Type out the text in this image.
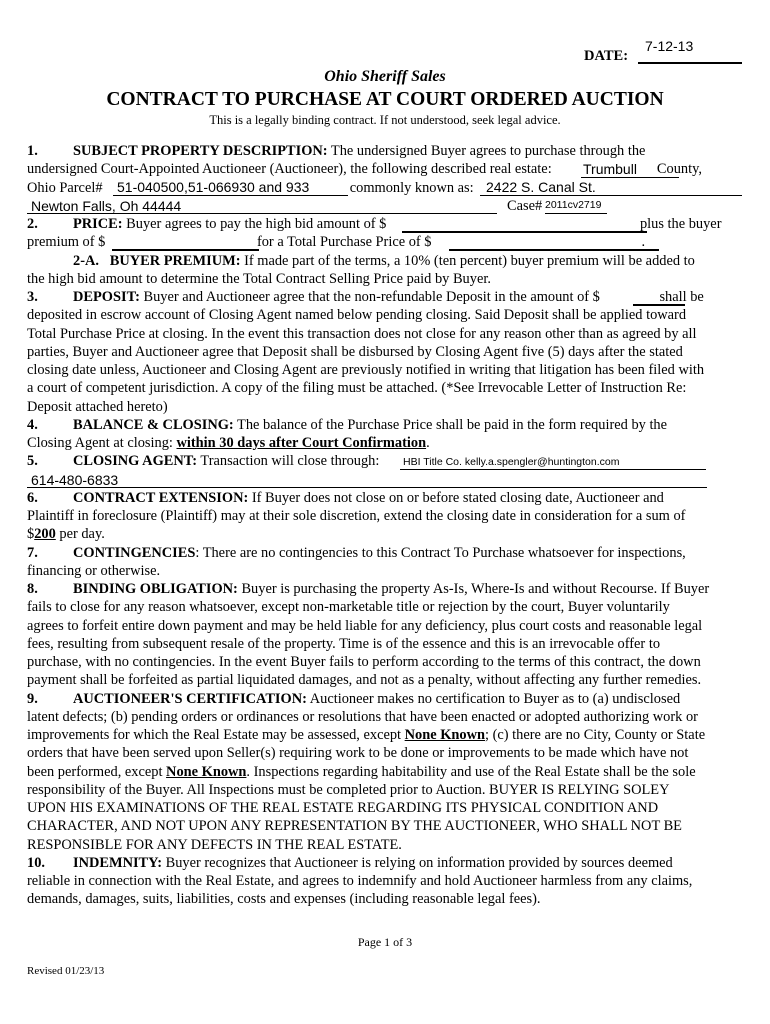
DATE:
7-12-13
Ohio Sheriff Sales
CONTRACT TO PURCHASE AT COURT ORDERED AUCTION
This is a legally binding contract. If not understood, seek legal advice.
Trumbull
51-040500,51-066930 and 933	2422 S. Canal St.
Newton Falls, Oh 44444	2011cv2719
HBI Title Co. kelly.a.spengler@huntington.com
614-480-6833
1. SUBJECT PROPERTY DESCRIPTION: The undersigned Buyer agrees to purchase through the
undersigned Court-Appointed Auctioneer (Auctioneer), the following described real estate:	County,
Ohio Parcel#	commonly known as:
Case#
2. PRICE: Buyer agrees to pay the high bid amount of $	plus the buyer
premium of $	for a Total Purchase Price of $	.
2-A. BUYER PREMIUM: If made part of the terms, a 10% (ten percent) buyer premium will be added to
the high bid amount to determine the Total Contract Selling Price paid by Buyer.
3. DEPOSIT: Buyer and Auctioneer agree that the non-refundable Deposit in the amount of $	shall be
deposited in escrow account of Closing Agent named below pending closing. Said Deposit shall be applied toward
Total Purchase Price at closing. In the event this transaction does not close for any reason other than as agreed by all
parties, Buyer and Auctioneer agree that Deposit shall be disbursed by Closing Agent five (5) days after the stated
closing date unless, Auctioneer and Closing Agent are previously notified in writing that litigation has been filed with
a court of competent jurisdiction. A copy of the filing must be attached. (*See Irrevocable Letter of Instruction Re:
Deposit attached hereto)
4. BALANCE & CLOSING: The balance of the Purchase Price shall be paid in the form required by the
Closing Agent at closing: within 30 days after Court Confirmation.
5. CLOSING AGENT: Transaction will close through:

6. CONTRACT EXTENSION: If Buyer does not close on or before stated closing date, Auctioneer and
Plaintiff in foreclosure (Plaintiff) may at their sole discretion, extend the closing date in consideration for a sum of
$200 per day.
7. CONTINGENCIES: There are no contingencies to this Contract To Purchase whatsoever for inspections,
financing or otherwise.
8. BINDING OBLIGATION: Buyer is purchasing the property As-Is, Where-Is and without Recourse. If Buyer
fails to close for any reason whatsoever, except non-marketable title or rejection by the court, Buyer voluntarily
agrees to forfeit entire down payment and may be held liable for any deficiency, plus court costs and reasonable legal
fees, resulting from subsequent resale of the property. Time is of the essence and this is an irrevocable offer to
purchase, with no contingencies. In the event Buyer fails to perform according to the terms of this contract, the down
payment shall be forfeited as partial liquidated damages, and not as a penalty, without affecting any further remedies.
9. AUCTIONEER'S CERTIFICATION: Auctioneer makes no certification to Buyer as to (a) undisclosed
latent defects; (b) pending orders or ordinances or resolutions that have been enacted or adopted authorizing work or
improvements for which the Real Estate may be assessed, except None Known; (c) there are no City, County or State
orders that have been served upon Seller(s) requiring work to be done or improvements to be made which have not
been performed, except None Known. Inspections regarding habitability and use of the Real Estate shall be the sole
responsibility of the Buyer. All Inspections must be completed prior to Auction. BUYER IS RELYING SOLEY
UPON HIS EXAMINATIONS OF THE REAL ESTATE REGARDING ITS PHYSICAL CONDITION AND
CHARACTER, AND NOT UPON ANY REPRESENTATION BY THE AUCTIONEER, WHO SHALL NOT BE
RESPONSIBLE FOR ANY DEFECTS IN THE REAL ESTATE.
10. INDEMNITY: Buyer recognizes that Auctioneer is relying on information provided by sources deemed
reliable in connection with the Real Estate, and agrees to indemnify and hold Auctioneer harmless from any claims,
demands, damages, suits, liabilities, costs and expenses (including reasonable legal fees).
Page 1 of 3
Revised 01/23/13
